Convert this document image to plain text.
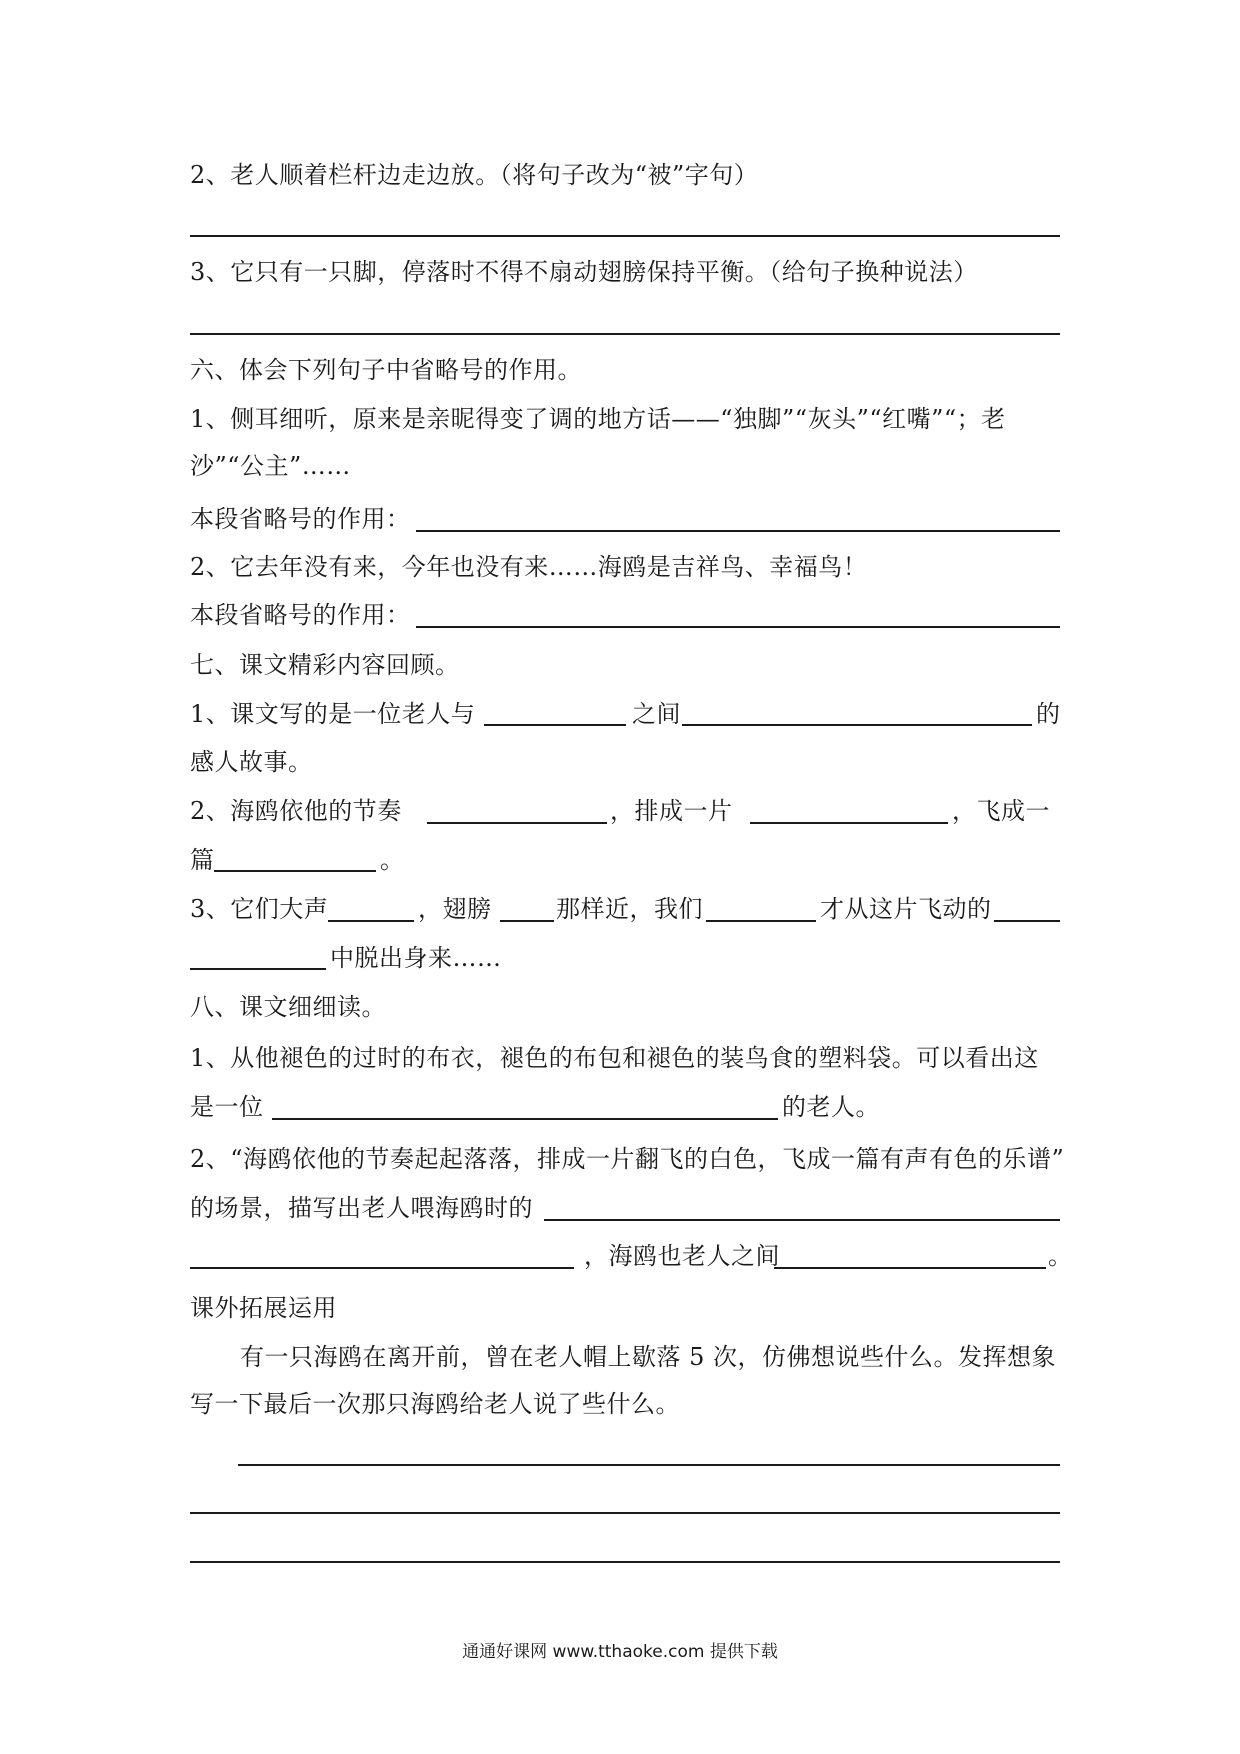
2、老人顺着栏杆边走边放。（将句子改为“被”字句）
3、它只有一只脚，停落时不得不扇动翅膀保持平衡。（给句子换种说法）
六、体会下列句子中省略号的作用。
1、侧耳细听，原来是亲昵得变了调的地方话——“独脚”“灰头”“红嘴”“；老
沙”“公主”……
本段省略号的作用：
2、它去年没有来，今年也没有来……海鸥是吉祥鸟、幸福鸟！
本段省略号的作用：
七、课文精彩内容回顾。
1、课文写的是一位老人与	之间	的
感人故事。
2、海鸥依他的节奏	，排成一片	，飞成一
篇	。
3、它们大声	，翅膀	那样近，我们	才从这片飞动的
中脱出身来……
八、课文细细读。
1、从他褪色的过时的布衣，褪色的布包和褪色的装鸟食的塑料袋。可以看出这
是一位	的老人。
2、“海鸥依他的节奏起起落落，排成一片翻飞的白色，飞成一篇有声有色的乐谱”
的场景，描写出老人喂海鸥时的
，海鸥也老人之间	。
课外拓展运用
有一只海鸥在离开前，曾在老人帽上歇落 5 次，仿佛想说些什么。发挥想象
写一下最后一次那只海鸥给老人说了些什么。
通通好课网 www.tthaoke.com 提供下载
